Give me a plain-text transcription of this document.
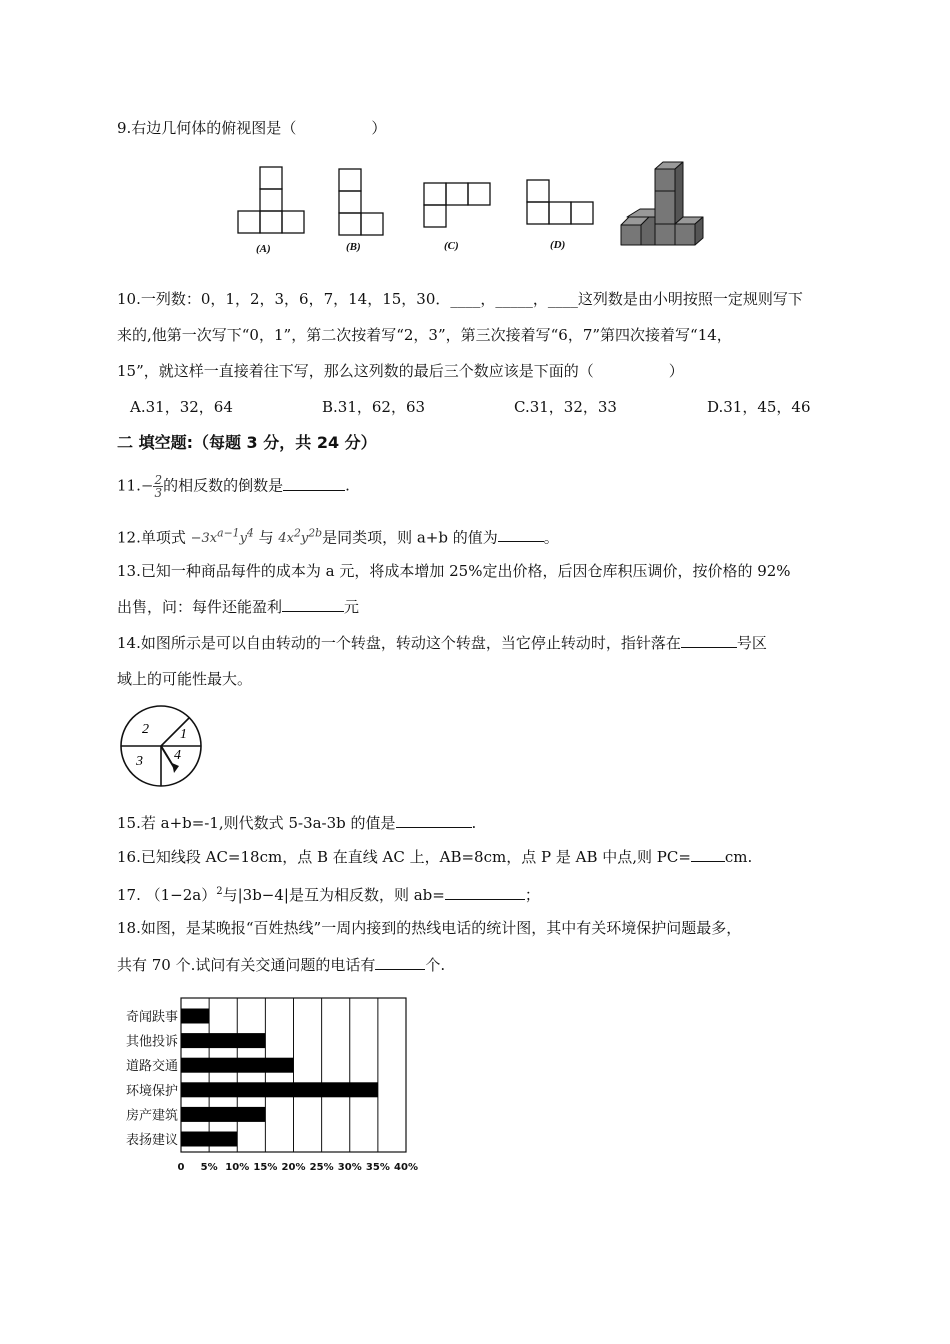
9.右边几何体的俯视图是（　　　　　）
(A)	(B)	(C)	(D)
10.一列数：0，1，2，3，6，7，14，15，30．____，_____，____这列数是由小明按照一定规则写下
来的,他第一次写下“0，1”，第二次按着写“2，3”，第三次接着写“6，7”第四次接着写“14，
15”，就这样一直接着往下写，那么这列数的最后三个数应该是下面的（　　　　　）
A.31，32，64	B.31，62，63	C.31，32，33	D.31，45，46
二 填空题:（每题 3 分，共 24 分）
$11.- \frac{2}{3}$ 的相反数的倒数是	.
12.单项式 $-3x^{a-1}y^4$ 与 $4x^2y^{2b}$是同类项，则 a+b 的值为	。
13.已知一种商品每件的成本为 a 元，将成本增加 25%定出价格，后因仓库积压调价，按价格的 92%
出售，问：每件还能盈利	元
14.如图所示是可以自由转动的一个转盘，转动这个转盘，当它停止转动时，指针落在	号区
域上的可能性最大。
2 1
3 4
15.若 a+b=-1,则代数式 5-3a-3b 的值是	.
16.已知线段 AC=18cm，点 B 在直线 AC 上，AB=8cm，点 P 是 AB 中点,则 PC= cm.
17. $(1-2a)^2$与|3b−4|是互为相反数，则 ab=	；
18.如图，是某晚报“百姓热线”一周内接到的热线电话的统计图，其中有关环境保护问题最多，
共有 70 个.试问有关交通问题的电话有	个.
奇闻趺事
其他投诉
道路交通
环境保护
房产建筑
表扬建议
0 5% 10% 15% 20% 25% 30% 35% 40%
